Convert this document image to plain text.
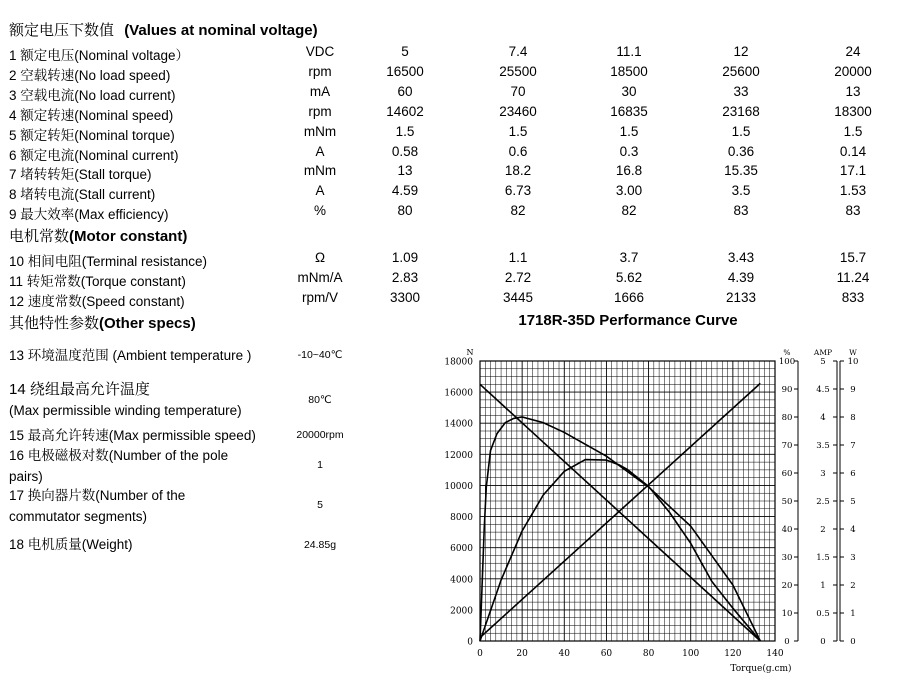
额定电压下数值 (Values at nominal voltage)
1 额定电压(Nominal voltage）	VDC	5	7.4	11.1	12	24
2 空载转速(No load speed)	rpm	16500	25500	18500	25600	20000
3 空载电流(No load current)	mA	60	70	30	33	13
4 额定转速(Nominal speed)	rpm	14602	23460	16835	23168	18300
5 额定转矩(Nominal torque)	mNm	1.5	1.5	1.5	1.5	1.5
6 额定电流(Nominal current)	A	0.58	0.6	0.3	0.36	0.14
7 堵转转矩(Stall torque)	mNm	13	18.2	16.8	15.35	17.1
8 堵转电流(Stall current)	A	4.59	6.73	3.00	3.5	1.53
9 最大效率(Max efficiency)	%	80	82	82	83	83
电机常数(Motor constant)
10 相间电阻(Terminal resistance)	Ω	1.09	1.1	3.7	3.43	15.7
11 转矩常数(Torque constant)	mNm/A	2.83	2.72	5.62	4.39	11.24
12 速度常数(Speed constant)	rpm/V	3300	3445	1666	2133	833
其他特性参数(Other specs)
13 环境温度范围 (Ambient temperature )	-10~40℃
14 绕组最高允许温度
(Max permissible winding temperature)
80℃
15 最高允许转速(Max permissible speed)	20000rpm
16 电极磁极对数(Number of the pole
pairs)
1
17 换向器片数(Number of the
commutator segments)
5
18 电机质量(Weight)	24.85g
1718R-35D Performance Curve
0
2000
4000
6000
8000
10000
12000
14000
16000
18000
N
0	20	40	60	80	100	120	140
Torque(g.cm)
0
10
20
30
40
50
60
70
80
90
100
%
0
0.5
1
1.5
2
2.5
3
3.5
4
4.5
5
AMP
0
1
2
3
4
5
6
7
8
9
10
W
